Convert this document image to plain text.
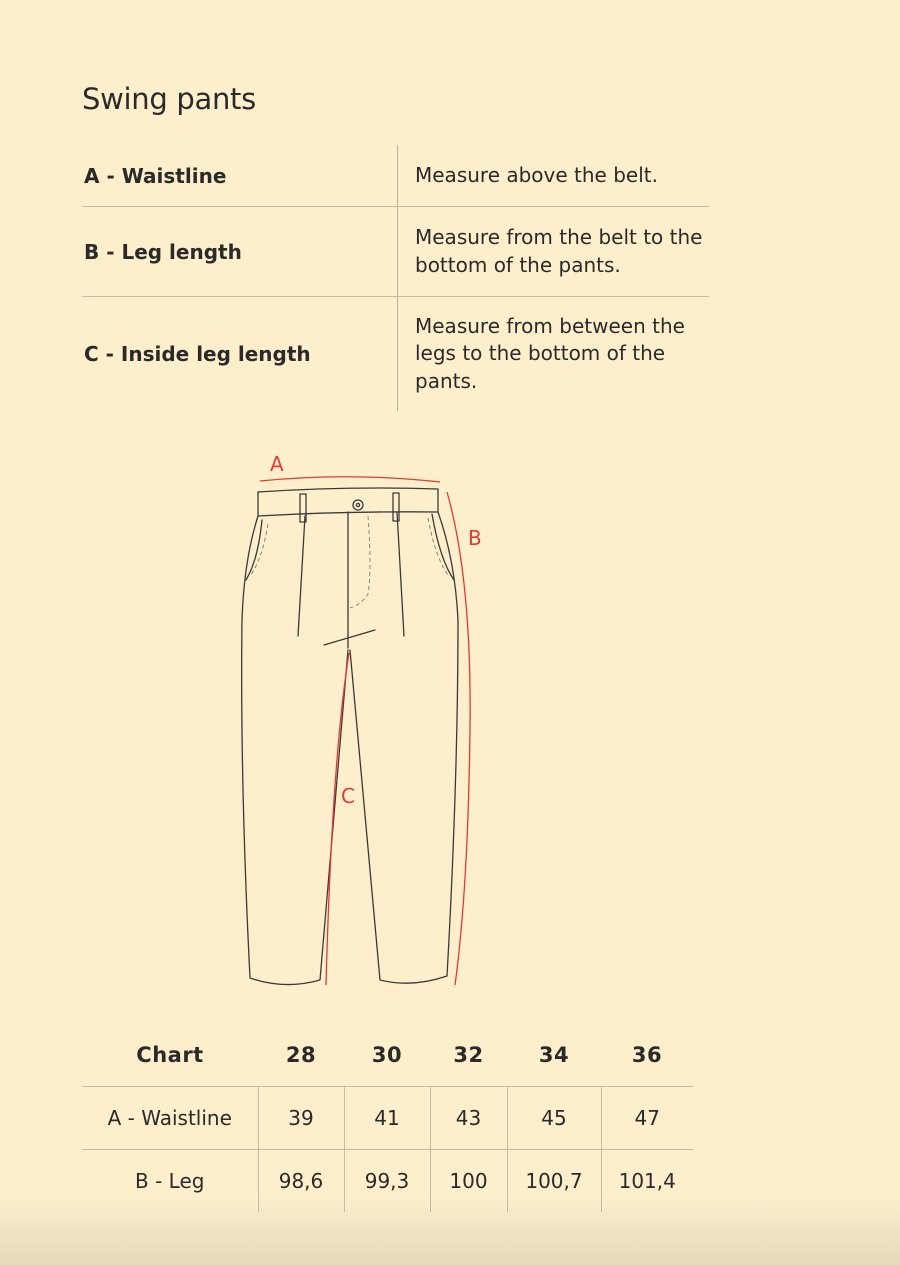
Swing pants
A - Waistline	Measure above the belt.
B - Leg length	Measure from the belt to the bottom of the pants.
C - Inside leg length	Measure from between the legs to the bottom of the pants.
A
B
C
Chart	28	30	32	34	36
A - Waistline	39	41	43	45	47
B - Leg	98,6	99,3	100	100,7	101,4
